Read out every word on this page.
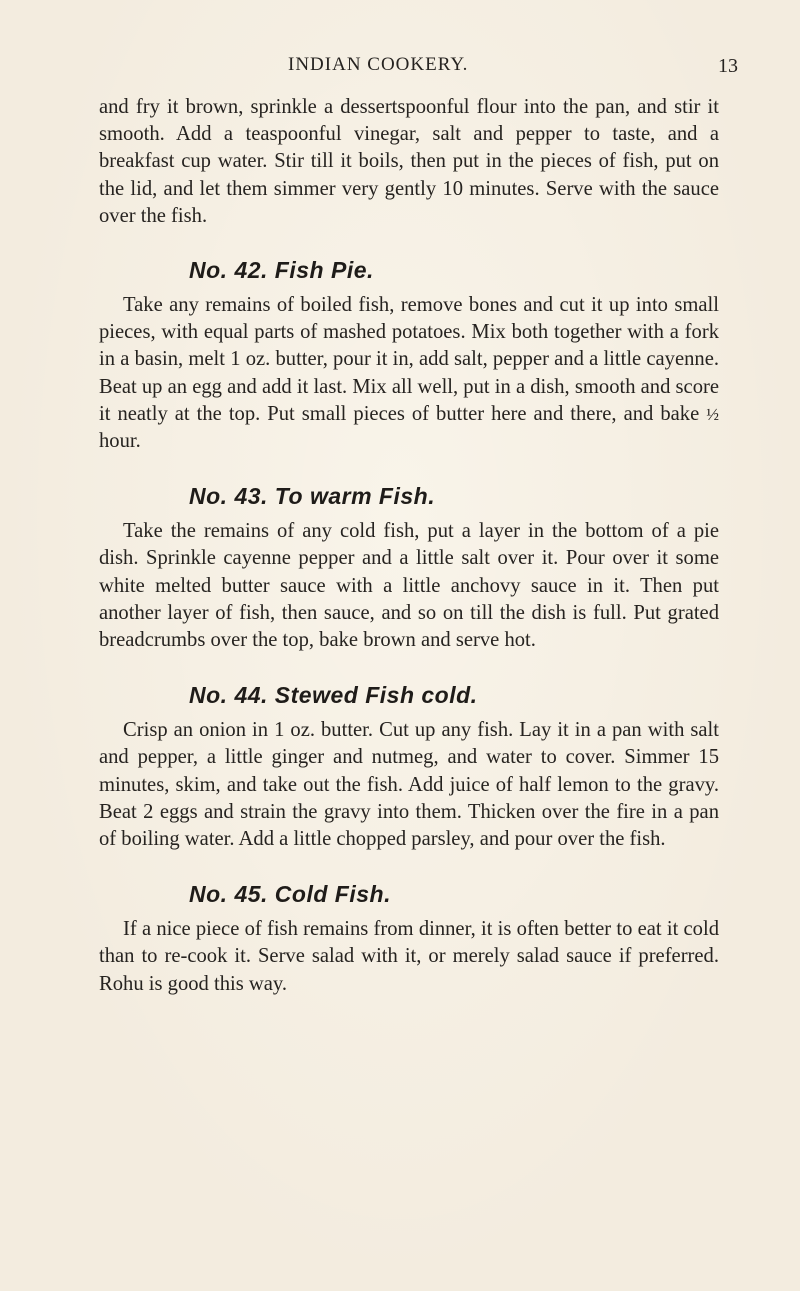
INDIAN COOKERY.	13

and fry it brown, sprinkle a dessertspoonful flour into the pan, and stir it smooth. Add a teaspoonful vinegar, salt and pepper to taste, and a breakfast cup water. Stir till it boils, then put in the pieces of fish, put on the lid, and let them simmer very gently 10 minutes. Serve with the sauce over the fish.

No. 42. Fish Pie.

Take any remains of boiled fish, remove bones and cut it up into small pieces, with equal parts of mashed potatoes. Mix both together with a fork in a basin, melt 1 oz. butter, pour it in, add salt, pepper and a little cayenne. Beat up an egg and add it last. Mix all well, put in a dish, smooth and score it neatly at the top. Put small pieces of butter here and there, and bake ½ hour.

No. 43. To warm Fish.

Take the remains of any cold fish, put a layer in the bottom of a pie dish. Sprinkle cayenne pepper and a little salt over it. Pour over it some white melted butter sauce with a little anchovy sauce in it. Then put another layer of fish, then sauce, and so on till the dish is full. Put grated breadcrumbs over the top, bake brown and serve hot.

No. 44. Stewed Fish cold.

Crisp an onion in 1 oz. butter. Cut up any fish. Lay it in a pan with salt and pepper, a little ginger and nutmeg, and water to cover. Simmer 15 minutes, skim, and take out the fish. Add juice of half lemon to the gravy. Beat 2 eggs and strain the gravy into them. Thicken over the fire in a pan of boiling water. Add a little chopped parsley, and pour over the fish.

No. 45. Cold Fish.

If a nice piece of fish remains from dinner, it is often better to eat it cold than to re-cook it. Serve salad with it, or merely salad sauce if preferred. Rohu is good this way.
